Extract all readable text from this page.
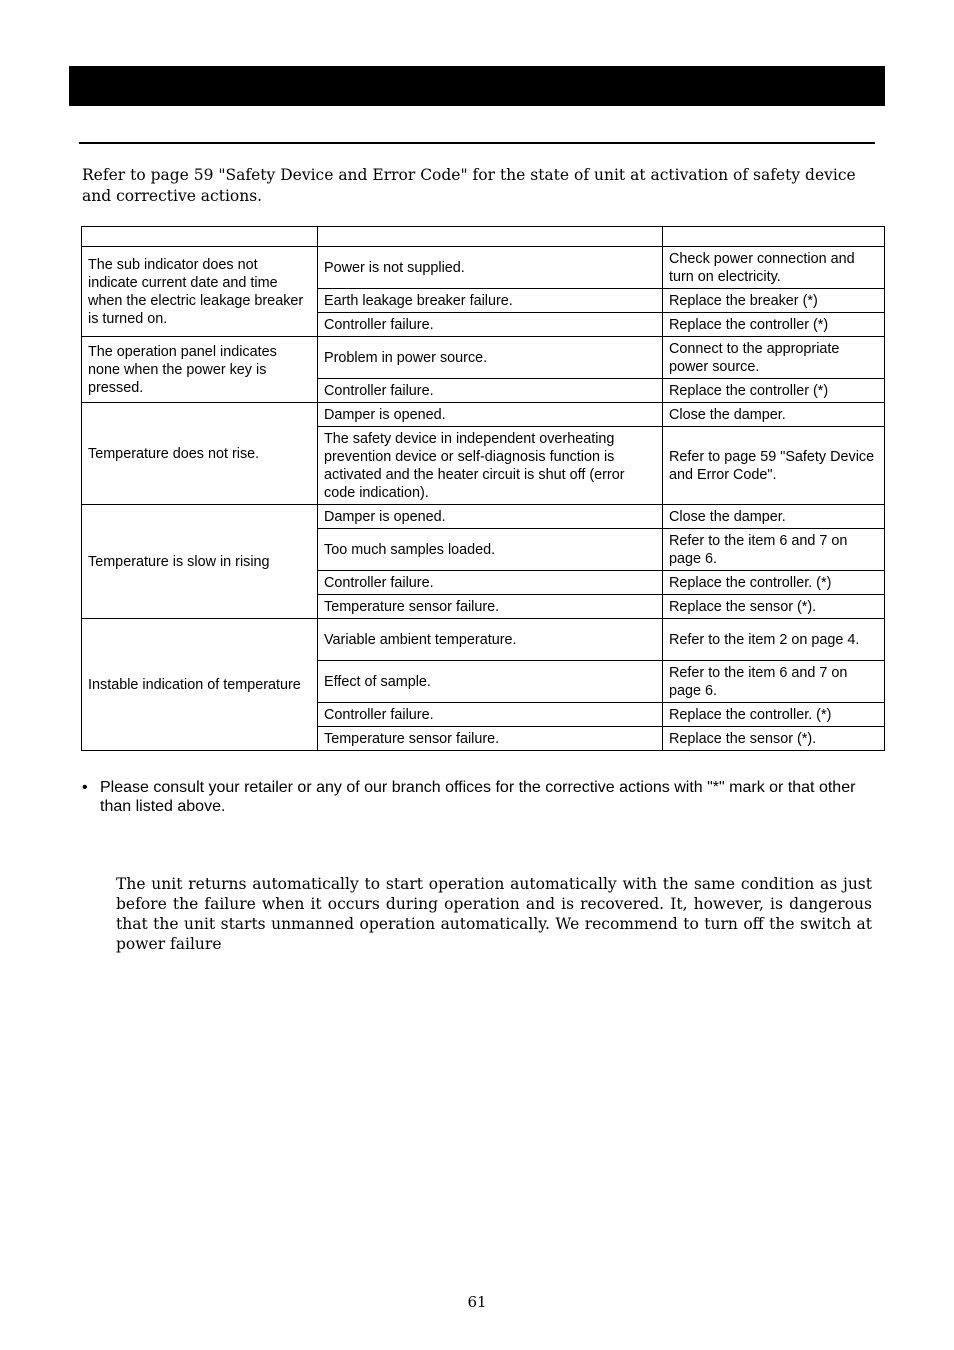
Refer to page 59 "Safety Device and Error Code" for the state of unit at activation of safety device and corrective actions.

The sub indicator does not indicate current date and time when the electric leakage breaker is turned on.	Power is not supplied.	Check power connection and turn on electricity.
	Earth leakage breaker failure.	Replace the breaker (*)
	Controller failure.	Replace the controller (*)
The operation panel indicates none when the power key is pressed.	Problem in power source.	Connect to the appropriate power source.
	Controller failure.	Replace the controller (*)
Temperature does not rise.	Damper is opened.	Close the damper.
	The safety device in independent overheating prevention device or self-diagnosis function is activated and the heater circuit is shut off (error code indication).	Refer to page 59 "Safety Device and Error Code".
Temperature is slow in rising	Damper is opened.	Close the damper.
	Too much samples loaded.	Refer to the item 6 and 7 on page 6.
	Controller failure.	Replace the controller. (*)
	Temperature sensor failure.	Replace the sensor (*).
Instable indication of temperature	Variable ambient temperature.	Refer to the item 2 on page 4.
	Effect of sample.	Refer to the item 6 and 7 on page 6.
	Controller failure.	Replace the controller. (*)
	Temperature sensor failure.	Replace the sensor (*).
• Please consult your retailer or any of our branch offices for the corrective actions with "*" mark or that other than listed above.

The unit returns automatically to start operation automatically with the same condition as just before the failure when it occurs during operation and is recovered. It, however, is dangerous that the unit starts unmanned operation automatically. We recommend to turn off the switch at power failure

61
